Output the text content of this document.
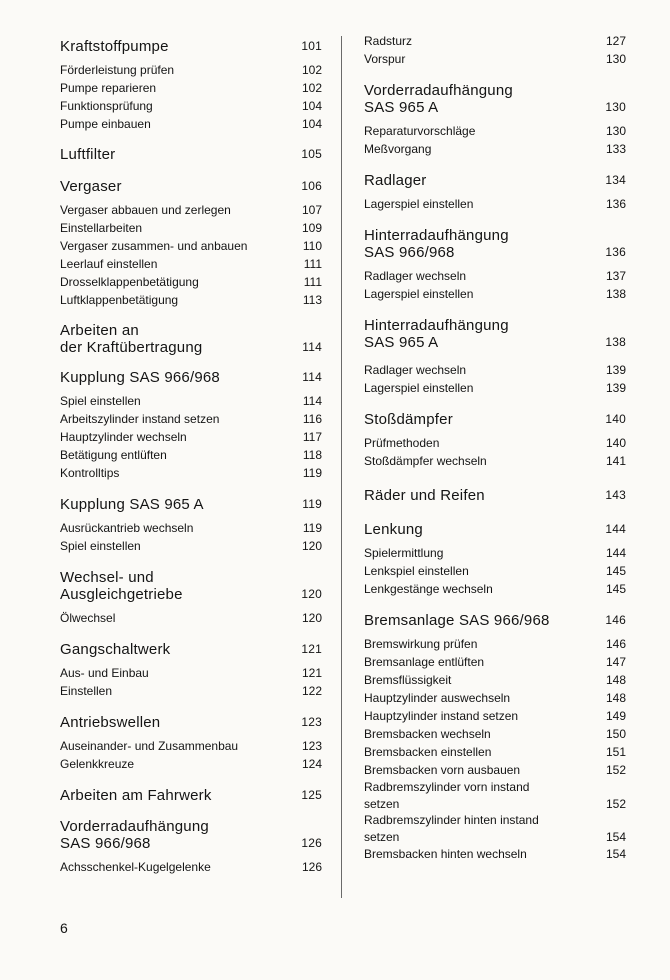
Kraftstoffpumpe	101
Förderleistung prüfen	102
Pumpe reparieren	102
Funktionsprüfung	104
Pumpe einbauen	104
Luftfilter	105
Vergaser	106
Vergaser abbauen und zerlegen	107
Einstellarbeiten	109
Vergaser zusammen- und anbauen	110
Leerlauf einstellen	111
Drosselklappenbetätigung	111
Luftklappenbetätigung	113
Arbeiten an
der Kraftübertragung	114
Kupplung SAS 966/968	114
Spiel einstellen	114
Arbeitszylinder instand setzen	116
Hauptzylinder wechseln	117
Betätigung entlüften	118
Kontrolltips	119
Kupplung SAS 965 A	119
Ausrückantrieb wechseln	119
Spiel einstellen	120
Wechsel- und
Ausgleichgetriebe	120
Ölwechsel	120
Gangschaltwerk	121
Aus- und Einbau	121
Einstellen	122
Antriebswellen	123
Auseinander- und Zusammenbau	123
Gelenkkreuze	124
Arbeiten am Fahrwerk	125
Vorderradaufhängung
SAS 966/968	126
Achsschenkel-Kugelgelenke	126
Radsturz	127
Vorspur	130
Vorderradaufhängung
SAS 965 A	130
Reparaturvorschläge	130
Meßvorgang	133
Radlager	134
Lagerspiel einstellen	136
Hinterradaufhängung
SAS 966/968	136
Radlager wechseln	137
Lagerspiel einstellen	138
Hinterradaufhängung
SAS 965 A	138
Radlager wechseln	139
Lagerspiel einstellen	139
Stoßdämpfer	140
Prüfmethoden	140
Stoßdämpfer wechseln	141
Räder und Reifen	143
Lenkung	144
Spielermittlung	144
Lenkspiel einstellen	145
Lenkgestänge wechseln	145
Bremsanlage SAS 966/968	146
Bremswirkung prüfen	146
Bremsanlage entlüften	147
Bremsflüssigkeit	148
Hauptzylinder auswechseln	148
Hauptzylinder instand setzen	149
Bremsbacken wechseln	150
Bremsbacken einstellen	151
Bremsbacken vorn ausbauen	152
Radbremszylinder vorn instand
setzen	152
Radbremszylinder hinten instand
setzen	154
Bremsbacken hinten wechseln	154
6
